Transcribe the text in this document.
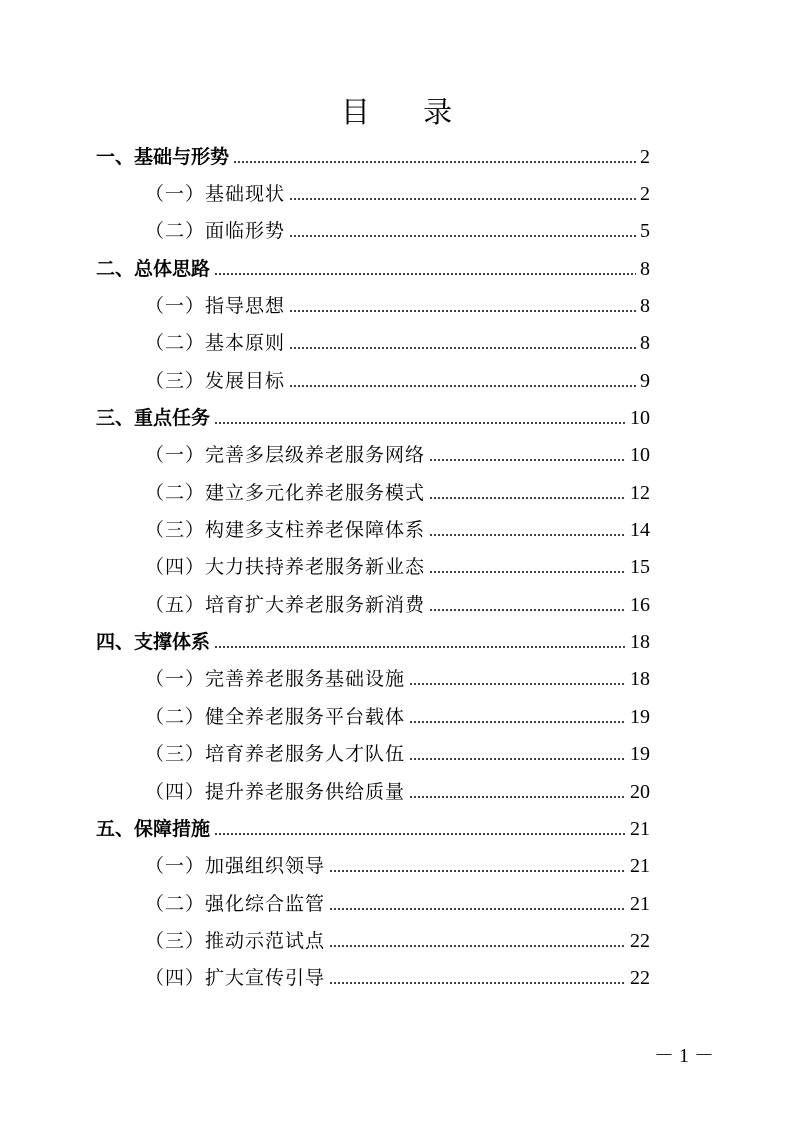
目 录
一、基础与形势	2
（一）基础现状	2
（二）面临形势	5
二、总体思路	8
（一）指导思想	8
（二）基本原则	8
（三）发展目标	9
三、重点任务	10
（一）完善多层级养老服务网络	10
（二）建立多元化养老服务模式	12
（三）构建多支柱养老保障体系	14
（四）大力扶持养老服务新业态	15
（五）培育扩大养老服务新消费	16
四、支撑体系	18
（一）完善养老服务基础设施	18
（二）健全养老服务平台载体	19
（三）培育养老服务人才队伍	19
（四）提升养老服务供给质量	20
五、保障措施	21
（一）加强组织领导	21
（二）强化综合监管	21
（三）推动示范试点	22
（四）扩大宣传引导	22
－ 1 －
